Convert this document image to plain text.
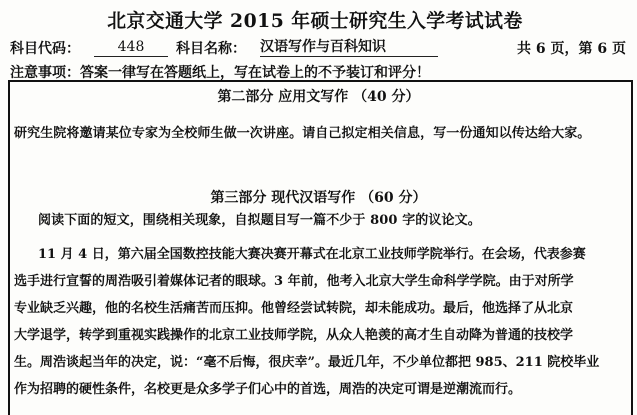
北京交通大学 2015 年硕士研究生入学考试试卷
科目代码：	448	科目名称： 汉语写作与百科知识	共 6 页，第 6 页
注意事项：答案一律写在答题纸上，写在试卷上的不予装订和评分！
第二部分 应用文写作 （40 分）
研究生院将邀请某位专家为全校师生做一次讲座。请自己拟定相关信息，写一份通知以传达给大家。
第三部分 现代汉语写作 （60 分）
阅读下面的短文，围绕相关现象，自拟题目写一篇不少于 800 字的议论文。
11 月 4 日，第六届全国数控技能大赛决赛开幕式在北京工业技师学院举行。在会场，代表参赛
选手进行宣誓的周浩吸引着媒体记者的眼球。3 年前，他考入北京大学生命科学学院。由于对所学
专业缺乏兴趣，他的名校生活痛苦而压抑。他曾经尝试转院，却未能成功。最后，他选择了从北京
大学退学，转学到重视实践操作的北京工业技师学院，从众人艳羡的高才生自动降为普通的技校学
生。周浩谈起当年的决定，说：“毫不后悔，很庆幸”。最近几年，不少单位都把 985、211 院校毕业
作为招聘的硬性条件，名校更是众多学子们心中的首选，周浩的决定可谓是逆潮流而行。
